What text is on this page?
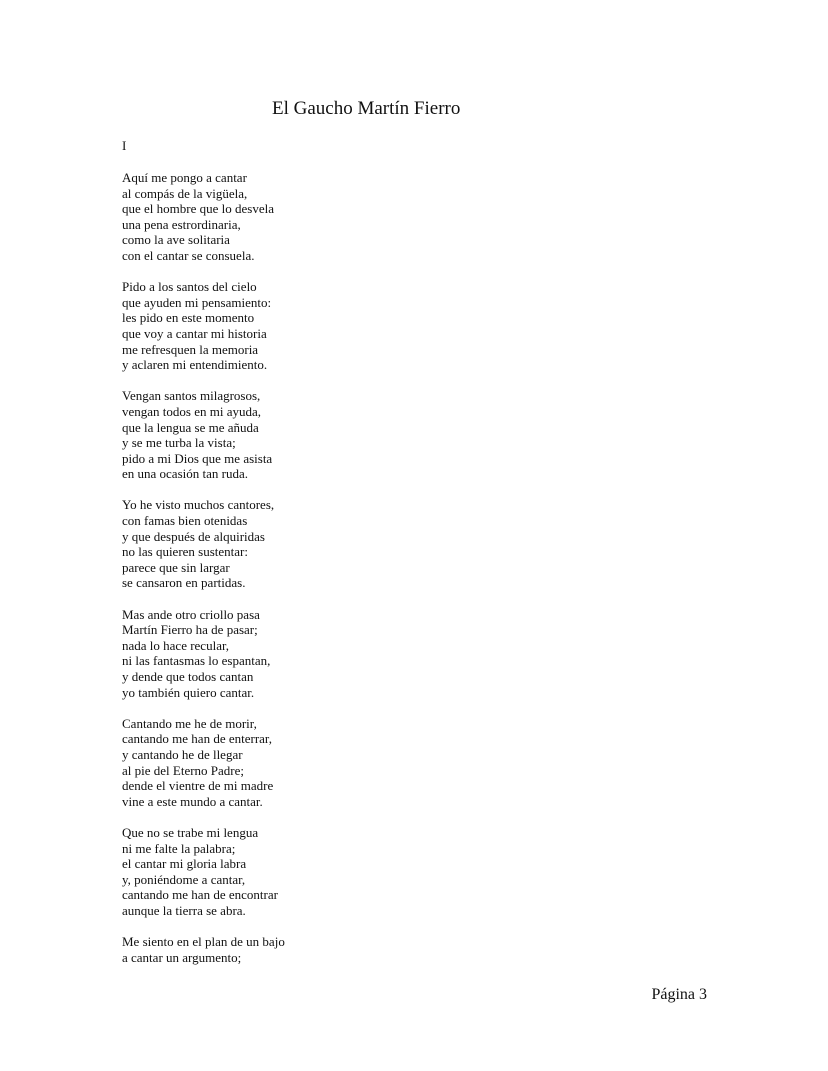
El Gaucho Martín Fierro
I
Aquí me pongo a cantar
al compás de la vigüela,
que el hombre que lo desvela
una pena estrordinaria,
como la ave solitaria
con el cantar se consuela.
Pido a los santos del cielo
que ayuden mi pensamiento:
les pido en este momento
que voy a cantar mi historia
me refresquen la memoria
y aclaren mi entendimiento.
Vengan santos milagrosos,
vengan todos en mi ayuda,
que la lengua se me añuda
y se me turba la vista;
pido a mi Dios que me asista
en una ocasión tan ruda.
Yo he visto muchos cantores,
con famas bien otenidas
y que después de alquiridas
no las quieren sustentar:
parece que sin largar
se cansaron en partidas.
Mas ande otro criollo pasa
Martín Fierro ha de pasar;
nada lo hace recular,
ni las fantasmas lo espantan,
y dende que todos cantan
yo también quiero cantar.
Cantando me he de morir,
cantando me han de enterrar,
y cantando he de llegar
al pie del Eterno Padre;
dende el vientre de mi madre
vine a este mundo a cantar.
Que no se trabe mi lengua
ni me falte la palabra;
el cantar mi gloria labra
y, poniéndome a cantar,
cantando me han de encontrar
aunque la tierra se abra.
Me siento en el plan de un bajo
a cantar un argumento;
Página 3
